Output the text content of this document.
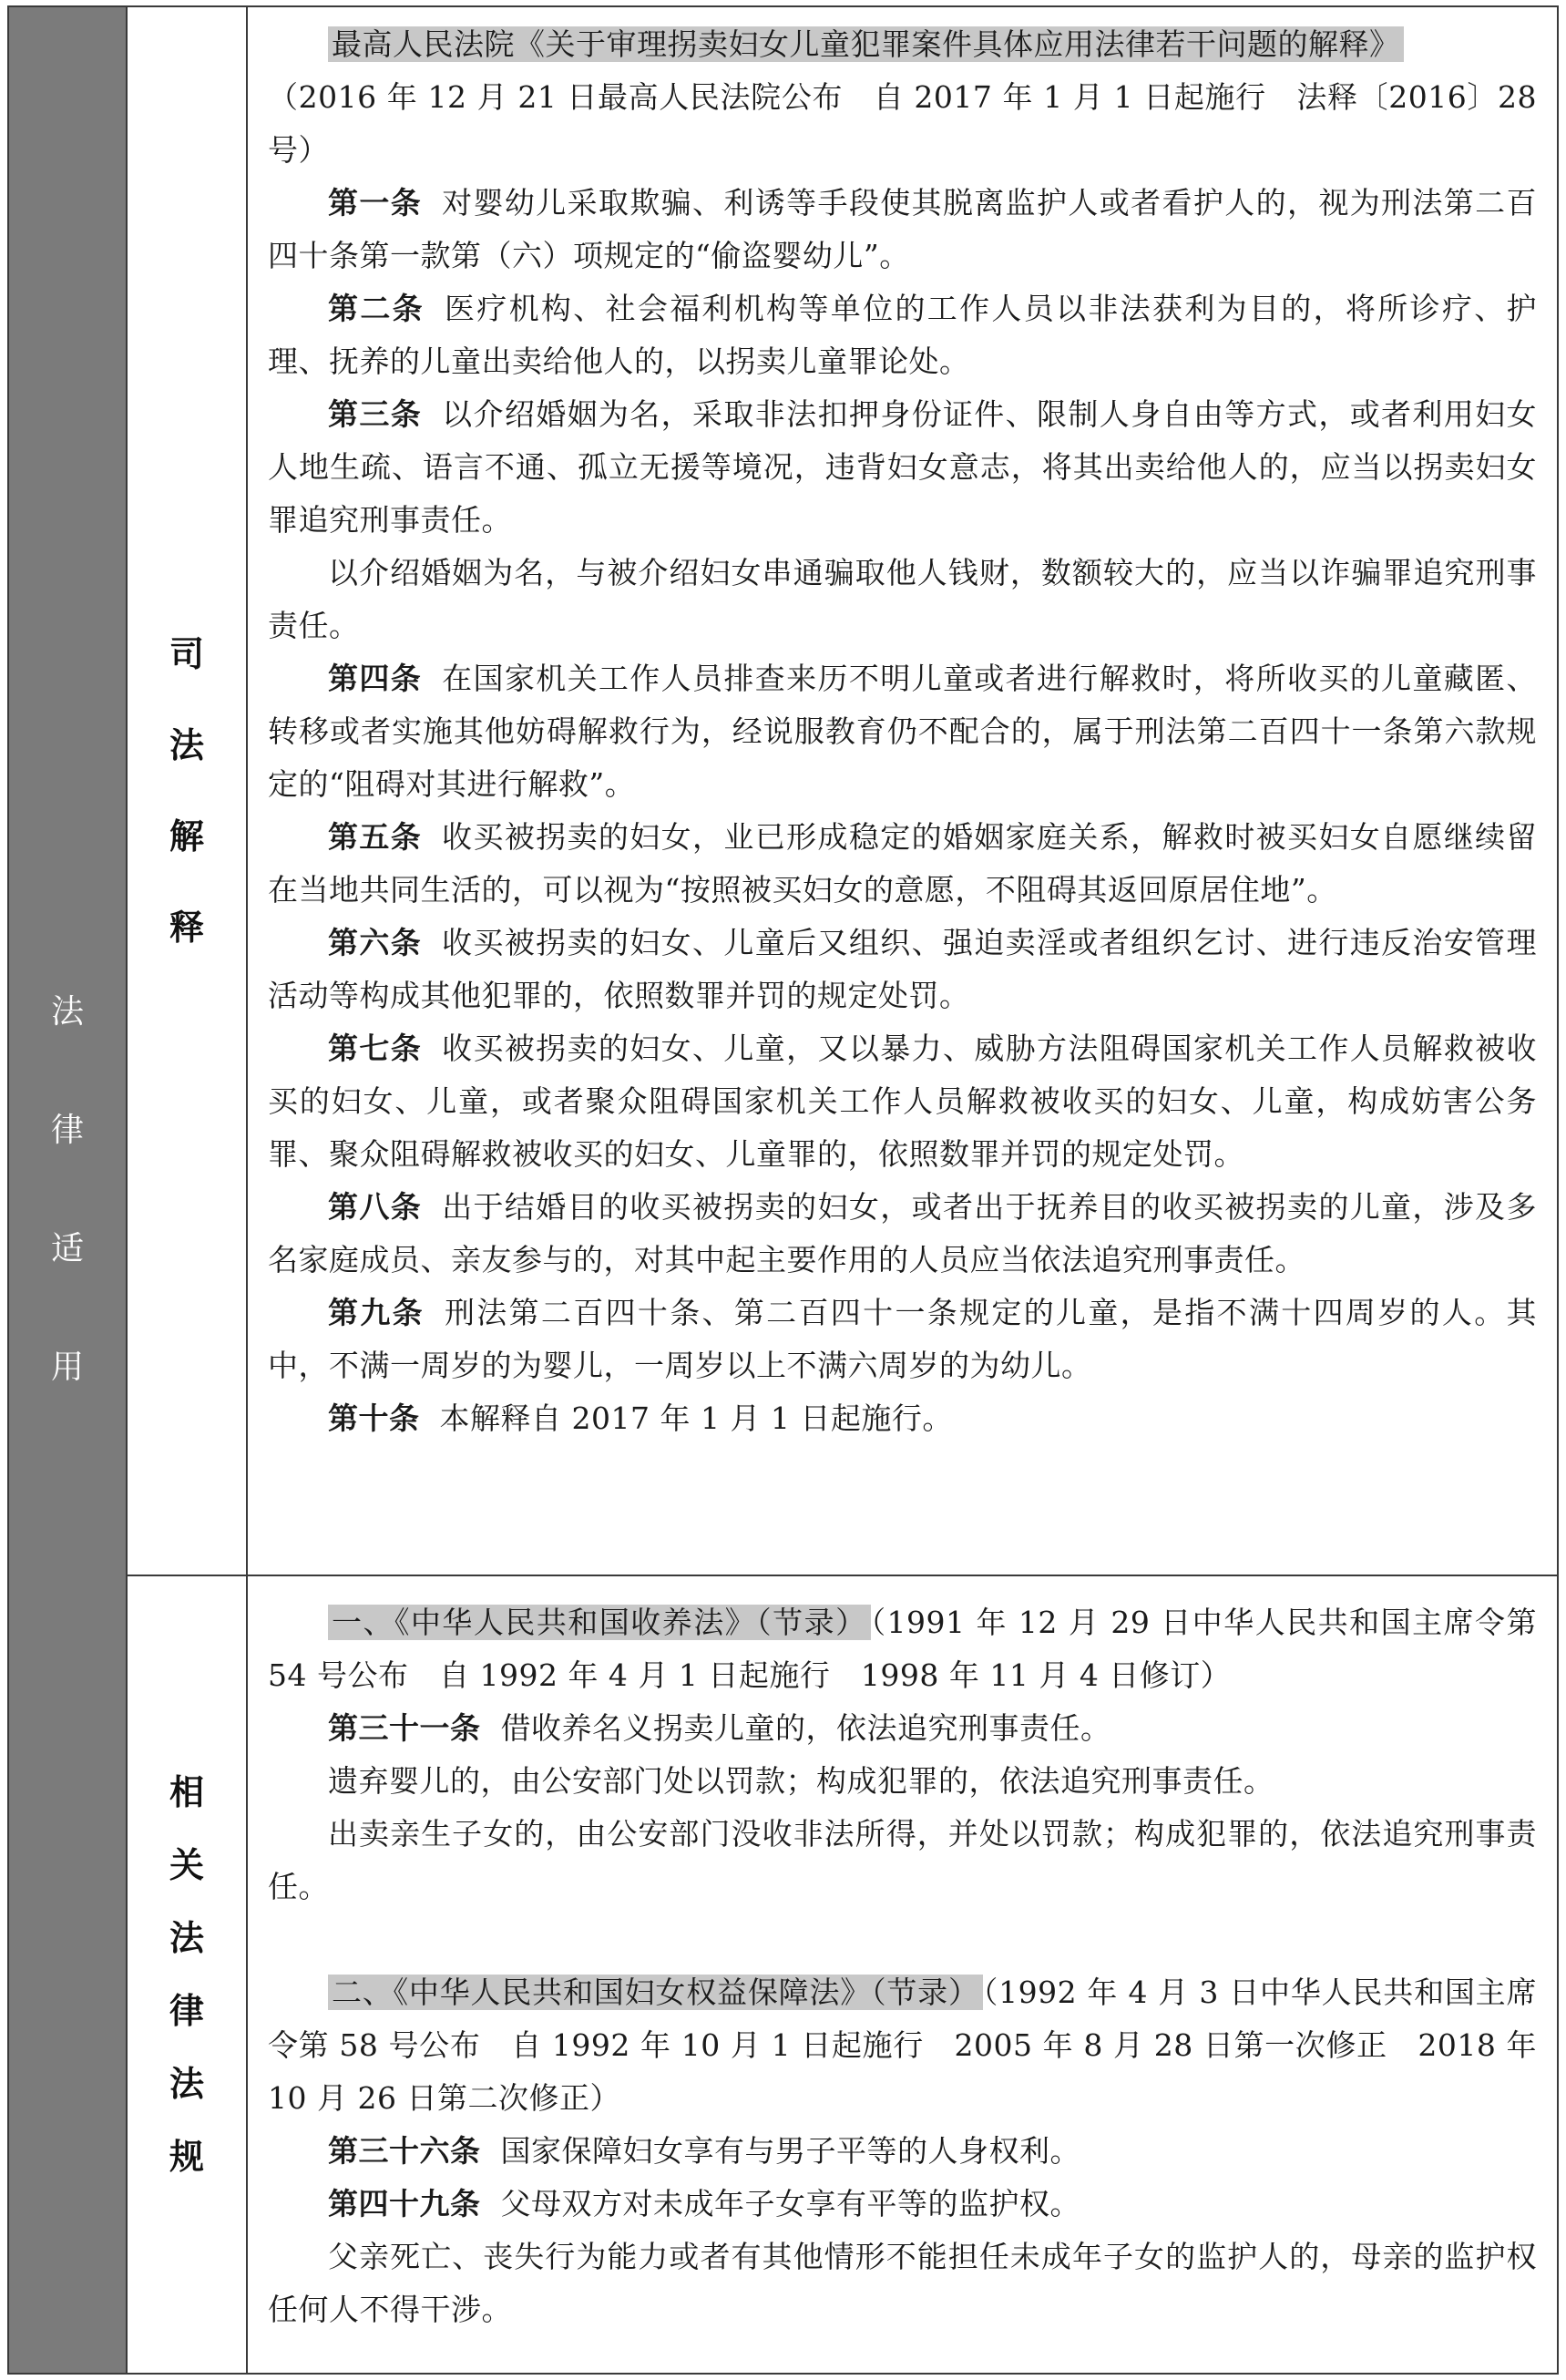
法
律
适
用
司
法
解
释

最高人民法院《关于审理拐卖妇女儿童犯罪案件具体应用法律若干问题的解释》

（2016 年 12 月 21 日最高人民法院公布　自 2017 年 1 月 1 日起施行　法释〔2016〕28 号）

第一条 对婴幼儿采取欺骗、利诱等手段使其脱离监护人或者看护人的，视为刑法第二百四十条第一款第（六）项规定的“偷盗婴幼儿”。

第二条 医疗机构、社会福利机构等单位的工作人员以非法获利为目的，将所诊疗、护理、抚养的儿童出卖给他人的，以拐卖儿童罪论处。

第三条 以介绍婚姻为名，采取非法扣押身份证件、限制人身自由等方式，或者利用妇女人地生疏、语言不通、孤立无援等境况，违背妇女意志，将其出卖给他人的，应当以拐卖妇女罪追究刑事责任。

以介绍婚姻为名，与被介绍妇女串通骗取他人钱财，数额较大的，应当以诈骗罪追究刑事责任。

第四条 在国家机关工作人员排查来历不明儿童或者进行解救时，将所收买的儿童藏匿、转移或者实施其他妨碍解救行为，经说服教育仍不配合的，属于刑法第二百四十一条第六款规定的“阻碍对其进行解救”。

第五条 收买被拐卖的妇女，业已形成稳定的婚姻家庭关系，解救时被买妇女自愿继续留在当地共同生活的，可以视为“按照被买妇女的意愿，不阻碍其返回原居住地”。

第六条 收买被拐卖的妇女、儿童后又组织、强迫卖淫或者组织乞讨、进行违反治安管理活动等构成其他犯罪的，依照数罪并罚的规定处罚。

第七条 收买被拐卖的妇女、儿童，又以暴力、威胁方法阻碍国家机关工作人员解救被收买的妇女、儿童，或者聚众阻碍国家机关工作人员解救被收买的妇女、儿童，构成妨害公务罪、聚众阻碍解救被收买的妇女、儿童罪的，依照数罪并罚的规定处罚。

第八条 出于结婚目的收买被拐卖的妇女，或者出于抚养目的收买被拐卖的儿童，涉及多名家庭成员、亲友参与的，对其中起主要作用的人员应当依法追究刑事责任。

第九条 刑法第二百四十条、第二百四十一条规定的儿童，是指不满十四周岁的人。其中，不满一周岁的为婴儿，一周岁以上不满六周岁的为幼儿。

第十条 本解释自 2017 年 1 月 1 日起施行。

相
关
法
律
法
规

一、《中华人民共和国收养法》（节录） （1991 年 12 月 29 日中华人民共和国主席令第 54 号公布　自 1992 年 4 月 1 日起施行　1998 年 11 月 4 日修订）

第三十一条 借收养名义拐卖儿童的，依法追究刑事责任。

遗弃婴儿的，由公安部门处以罚款；构成犯罪的，依法追究刑事责任。

出卖亲生子女的，由公安部门没收非法所得，并处以罚款；构成犯罪的，依法追究刑事责任。

二、《中华人民共和国妇女权益保障法》（节录） （1992 年 4 月 3 日中华人民共和国主席令第 58 号公布　自 1992 年 10 月 1 日起施行　2005 年 8 月 28 日第一次修正　2018 年 10 月 26 日第二次修正）

第三十六条 国家保障妇女享有与男子平等的人身权利。

第四十九条 父母双方对未成年子女享有平等的监护权。

父亲死亡、丧失行为能力或者有其他情形不能担任未成年子女的监护人的，母亲的监护权任何人不得干涉。
